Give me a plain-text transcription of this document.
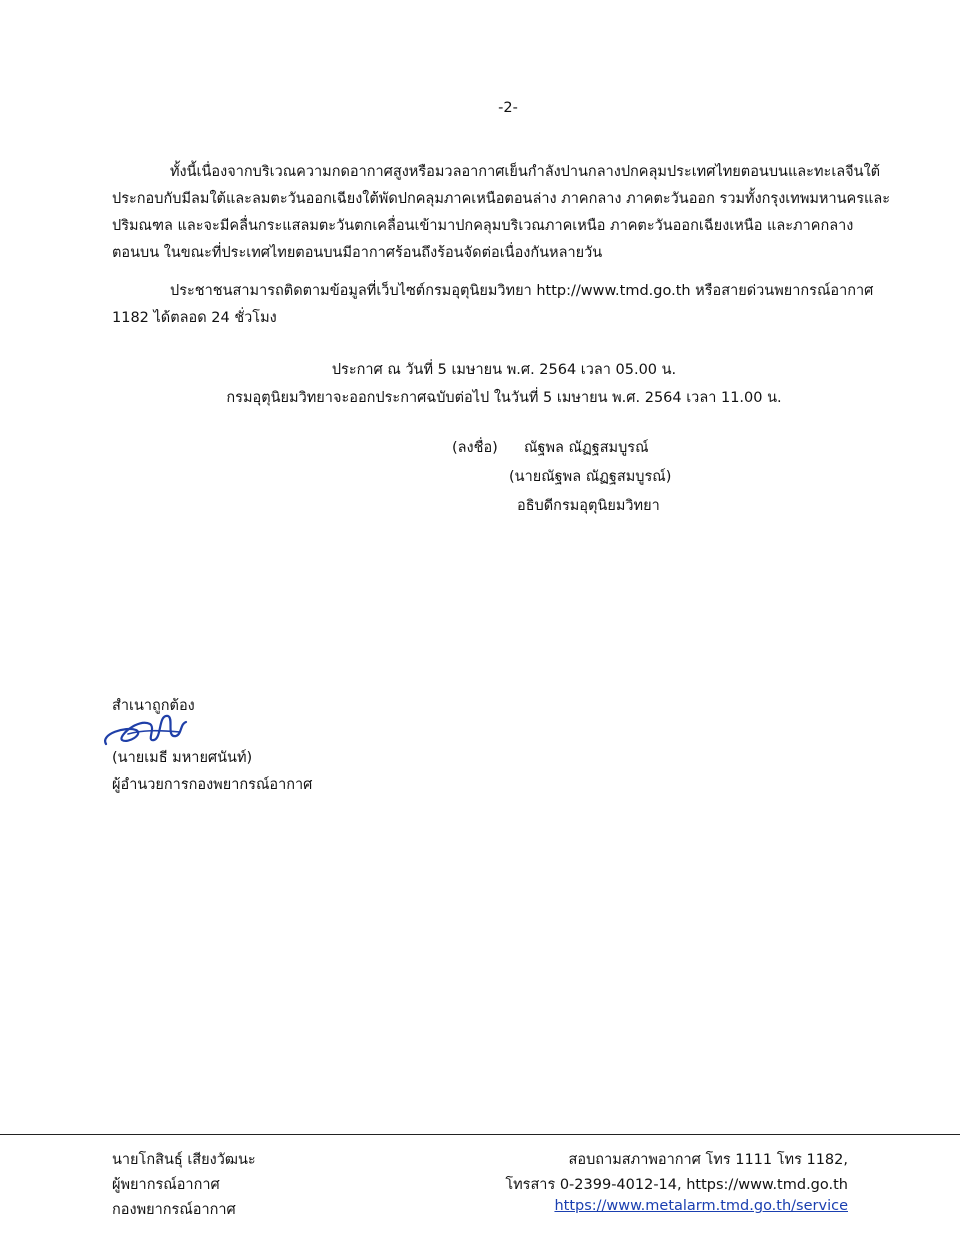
-2-
ทั้งนี้เนื่องจากบริเวณความกดอากาศสูงหรือมวลอากาศเย็นกำลังปานกลางปกคลุมประเทศไทยตอนบนและทะเลจีนใต้
ประกอบกับมีลมใต้และลมตะวันออกเฉียงใต้พัดปกคลุมภาคเหนือตอนล่าง ภาคกลาง ภาคตะวันออก รวมทั้งกรุงเทพมหานครและ
ปริมณฑล และจะมีคลื่นกระแสลมตะวันตกเคลื่อนเข้ามาปกคลุมบริเวณภาคเหนือ ภาคตะวันออกเฉียงเหนือ และภาคกลาง
ตอนบน ในขณะที่ประเทศไทยตอนบนมีอากาศร้อนถึงร้อนจัดต่อเนื่องกันหลายวัน
ประชาชนสามารถติดตามข้อมูลที่เว็บไซต์กรมอุตุนิยมวิทยา http://www.tmd.go.th หรือสายด่วนพยากรณ์อากาศ
1182 ได้ตลอด 24 ชั่วโมง
ประกาศ ณ วันที่ 5 เมษายน พ.ศ. 2564 เวลา 05.00 น.
กรมอุตุนิยมวิทยาจะออกประกาศฉบับต่อไป ในวันที่ 5 เมษายน พ.ศ. 2564 เวลา 11.00 น.
(ลงชื่อ) ณัฐพล ณัฏฐสมบูรณ์
(นายณัฐพล ณัฏฐสมบูรณ์)
อธิบดีกรมอุตุนิยมวิทยา
สำเนาถูกต้อง
(นายเมธี มหายศนันท์)
ผู้อำนวยการกองพยากรณ์อากาศ
นายโกสินธุ์ เสียงวัฒนะ
ผู้พยากรณ์อากาศ
กองพยากรณ์อากาศ
สอบถามสภาพอากาศ โทร 1111 โทร 1182,
โทรสาร 0-2399-4012-14, https://www.tmd.go.th
https://www.metalarm.tmd.go.th/service
